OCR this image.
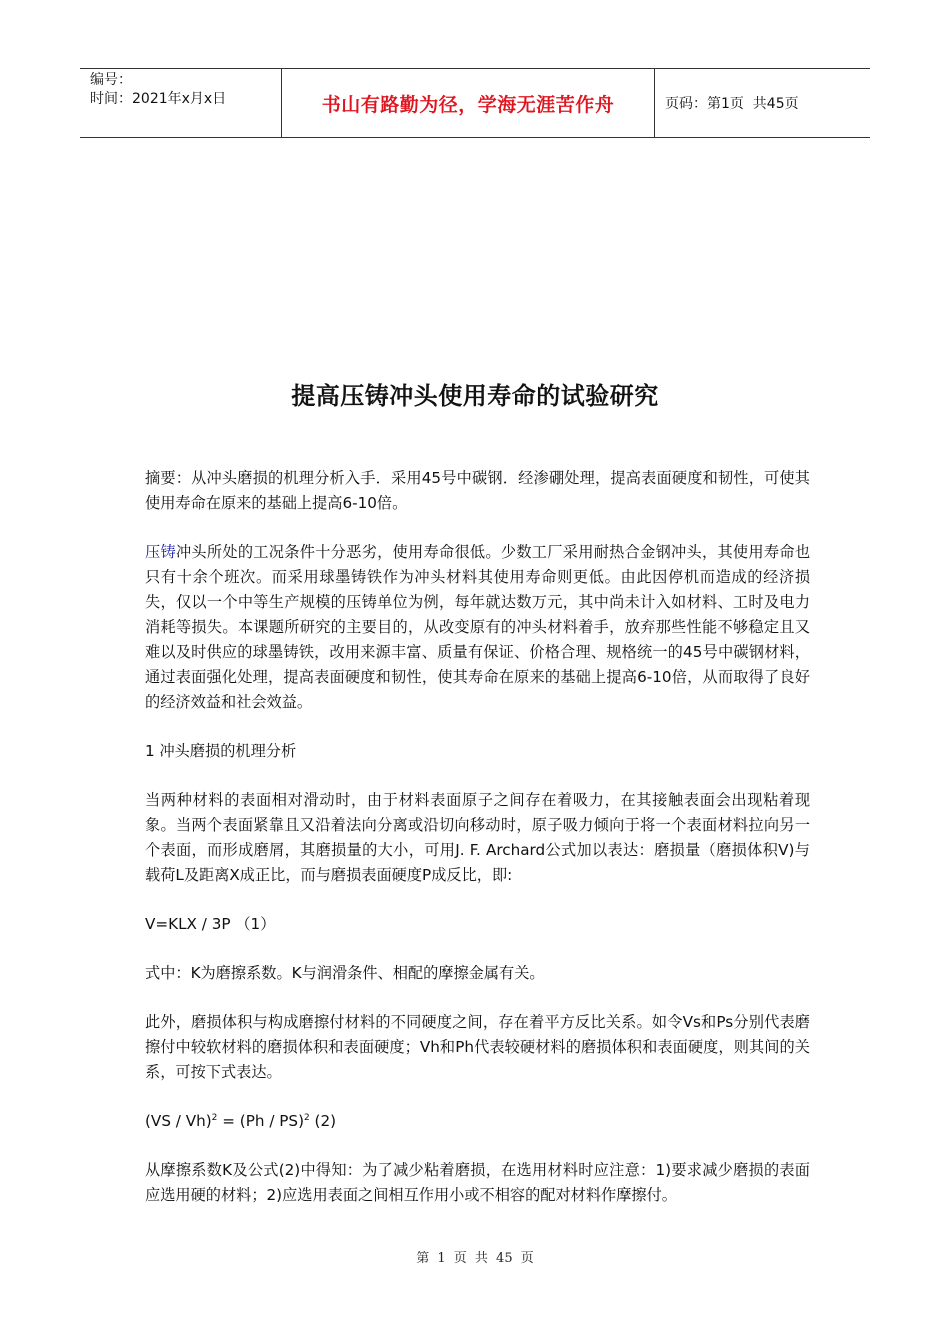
编号：
时间：2021年x月x日	书山有路勤为径，学海无涯苦作舟	页码：第1页  共45页
提高压铸冲头使用寿命的试验研究

摘要：从冲头磨损的机理分析入手．采用45号中碳钢．经渗硼处理，提高表面硬度和韧性，可使其使用寿命在原来的基础上提高6-10倍。

压铸冲头所处的工况条件十分恶劣，使用寿命很低。少数工厂采用耐热合金钢冲头，其使用寿命也只有十余个班次。而采用球墨铸铁作为冲头材料其使用寿命则更低。由此因停机而造成的经济损失，仅以一个中等生产规模的压铸单位为例，每年就达数万元，其中尚未计入如材料、工时及电力消耗等损失。本课题所研究的主要目的，从改变原有的冲头材料着手，放弃那些性能不够稳定且又难以及时供应的球墨铸铁，改用来源丰富、质量有保证、价格合理、规格统一的45号中碳钢材料，通过表面强化处理，提高表面硬度和韧性，使其寿命在原来的基础上提高6-10倍，从而取得了良好的经济效益和社会效益。

1 冲头磨损的机理分析

当两种材料的表面相对滑动时，由于材料表面原子之间存在着吸力，在其接触表面会出现粘着现象。当两个表面紧靠且又沿着法向分离或沿切向移动时，原子吸力倾向于将一个表面材料拉向另一个表面，而形成磨屑，其磨损量的大小，可用J. F. Archard公式加以表达：磨损量（磨损体积V)与载荷L及距离X成正比，而与磨损表面硬度P成反比，即:

V=KLX / 3P （1）

式中：K为磨擦系数。K与润滑条件、相配的摩擦金属有关。

此外，磨损体积与构成磨擦付材料的不同硬度之间，存在着平方反比关系。如令Vs和Ps分别代表磨擦付中较软材料的磨损体积和表面硬度；Vh和Ph代表较硬材料的磨损体积和表面硬度，则其间的关系，可按下式表达。

(VS / Vh)$^2$ = (Ph / PS)$^2$ (2)

从摩擦系数K及公式(2)中得知：为了减少粘着磨损，在选用材料时应注意：1)要求减少磨损的表面应选用硬的材料；2)应选用表面之间相互作用小或不相容的配对材料作摩擦付。

第 1 页 共 45 页
